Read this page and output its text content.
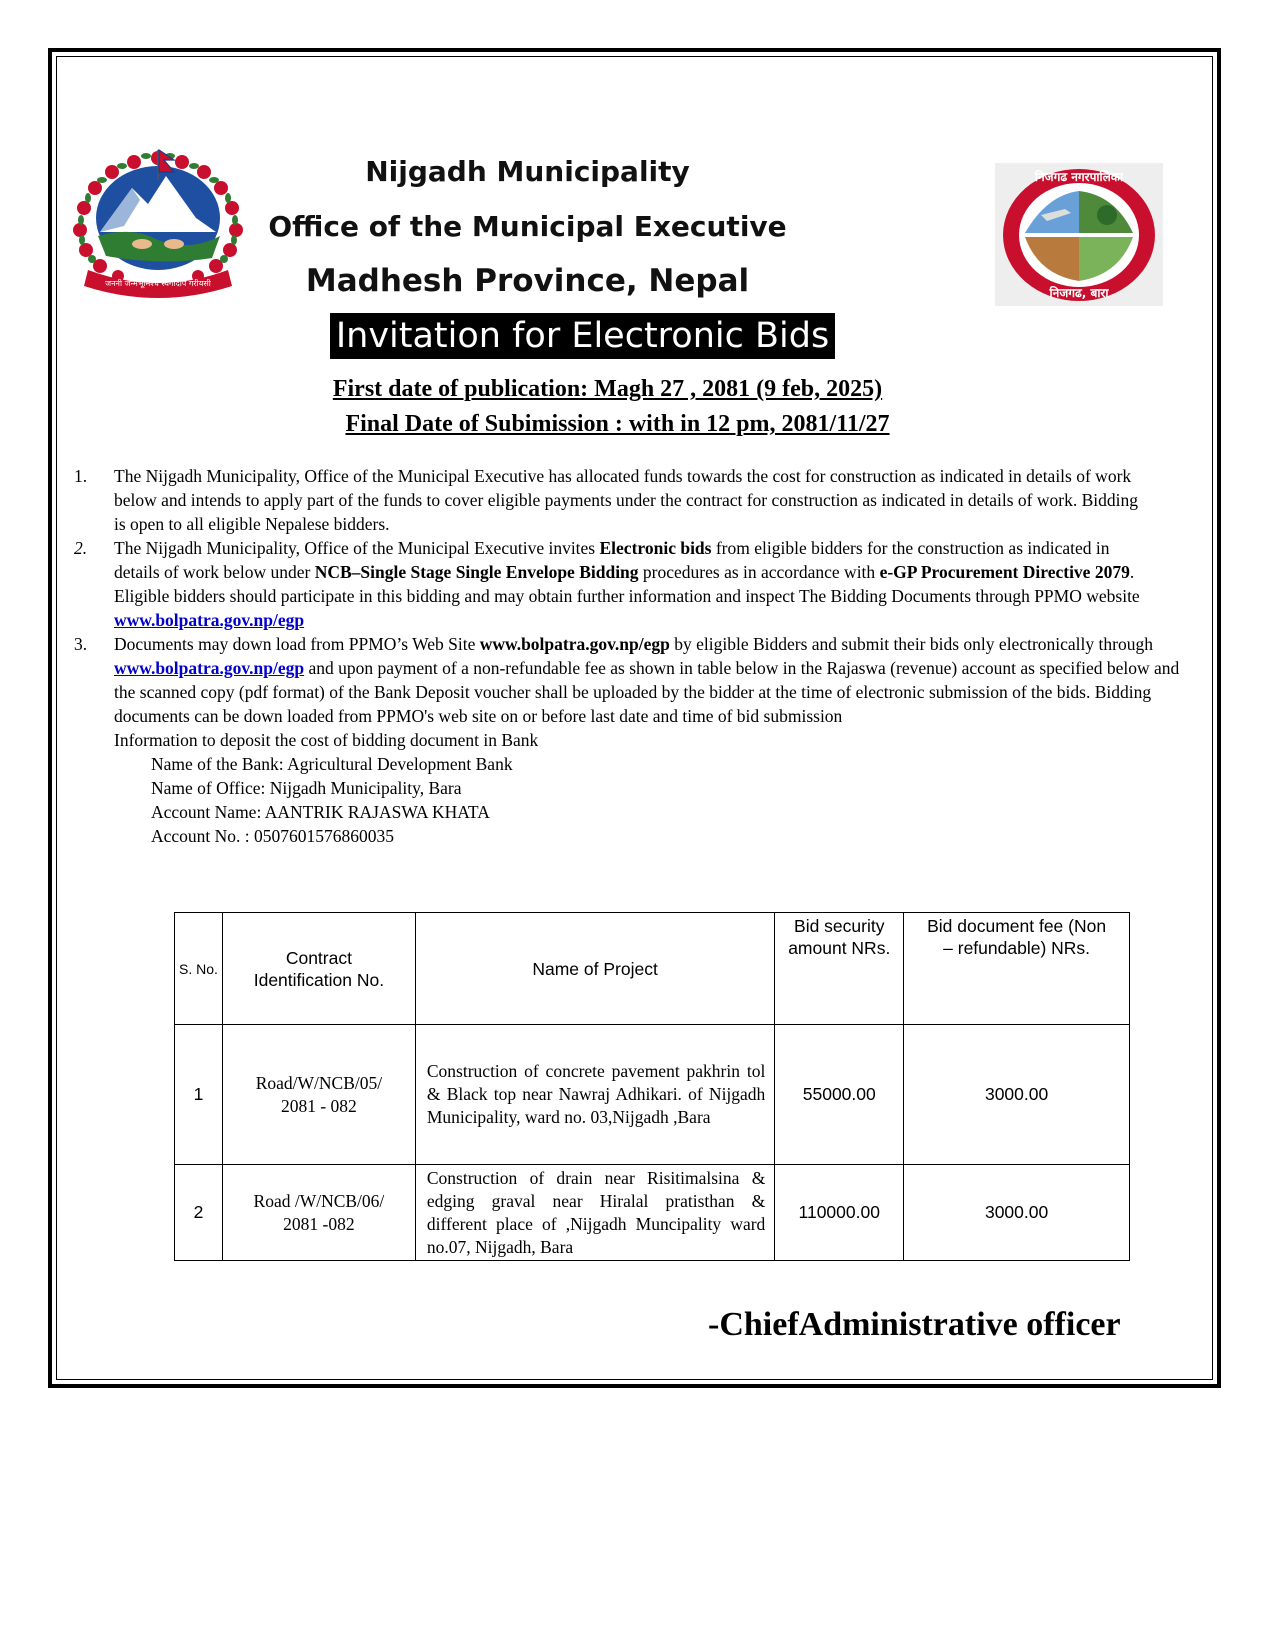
जननी जन्मभूमिश्च स्वर्गादपि गरीयसी
निजगढ नगरपालिका
निजगढ, बारा
Nijgadh Municipality
Office of the Municipal Executive
Madhesh Province, Nepal
Invitation for Electronic Bids
First date of publication: Magh 27 , 2081 (9 feb, 2025)
Final Date of Subimission : with in 12 pm, 2081/11/27
1. The Nijgadh Municipality, Office of the Municipal Executive has allocated funds towards the cost for construction as indicated in details of work below and intends to apply part of the funds to cover eligible payments under the contract for construction as indicated in details of work. Bidding is open to all eligible Nepalese bidders.

2. The Nijgadh Municipality, Office of the Municipal Executive invites Electronic bids from eligible bidders for the construction as indicated in details of work below under NCB–Single Stage Single Envelope Bidding procedures as in accordance with e-GP Procurement Directive 2079. Eligible bidders should participate in this bidding and may obtain further information and inspect The Bidding Documents through PPMO website www.bolpatra.gov.np/egp

3. Documents may down load from PPMO’s Web Site www.bolpatra.gov.np/egp by eligible Bidders and submit their bids only electronically through www.bolpatra.gov.np/egp and upon payment of a non-refundable fee as shown in table below in the Rajaswa (revenue) account as specified below and the scanned copy (pdf format) of the Bank Deposit voucher shall be uploaded by the bidder at the time of electronic submission of the bids. Bidding documents can be down loaded from PPMO's web site on or before last date and time of bid submission

Information to deposit the cost of bidding document in Bank
Name of the Bank: Agricultural Development Bank
Name of Office: Nijgadh Municipality, Bara
Account Name: AANTRIK RAJASWA KHATA
Account No. : 0507601576860035
S. No.	Contract Identification No.	Name of Project	Bid security amount NRs.	Bid document fee (Non – refundable) NRs.
1	Road/W/NCB/05/ 2081 - 082	Construction of concrete pavement pakhrin tol & Black top near Nawraj Adhikari. of Nijgadh Municipality, ward no. 03,Nijgadh ,Bara	55000.00	3000.00
2	Road /W/NCB/06/ 2081 -082	Construction of drain near Risitimalsina & edging graval near Hiralal pratisthan & different place of ,Nijgadh Muncipality ward no.07, Nijgadh, Bara	110000.00	3000.00
-ChiefAdministrative officer
